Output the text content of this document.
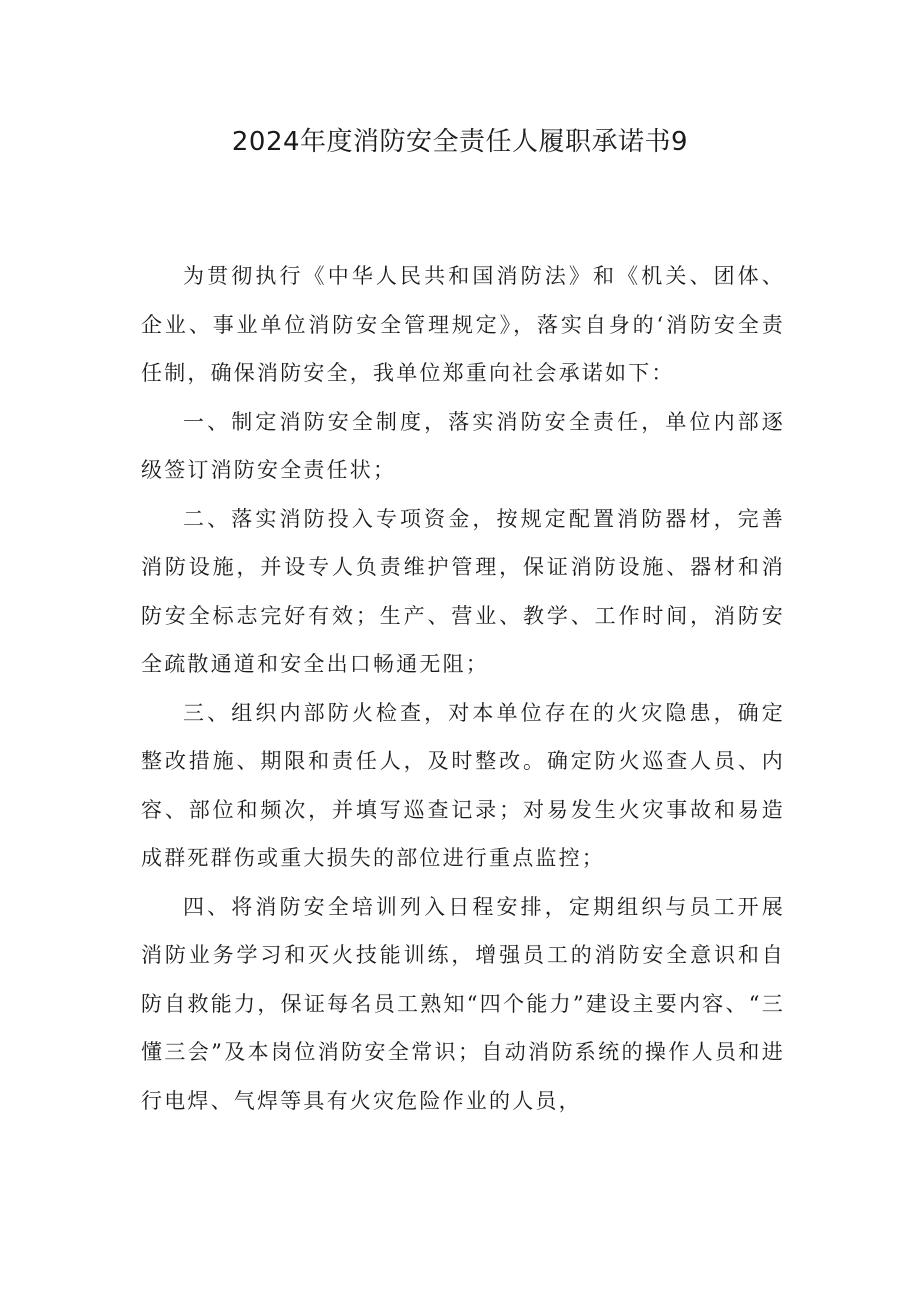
2024年度消防安全责任人履职承诺书9

为贯彻执行《中华人民共和国消防法》和《机关、团体、企业、事业单位消防安全管理规定》，落实自身的‘消防安全责任制，确保消防安全，我单位郑重向社会承诺如下：

一、制定消防安全制度，落实消防安全责任，单位内部逐级签订消防安全责任状；

二、落实消防投入专项资金，按规定配置消防器材，完善消防设施，并设专人负责维护管理，保证消防设施、器材和消防安全标志完好有效；生产、营业、教学、工作时间，消防安全疏散通道和安全出口畅通无阻；

三、组织内部防火检查，对本单位存在的火灾隐患，确定整改措施、期限和责任人，及时整改。确定防火巡查人员、内容、部位和频次，并填写巡查记录；对易发生火灾事故和易造成群死群伤或重大损失的部位进行重点监控；

四、将消防安全培训列入日程安排，定期组织与员工开展消防业务学习和灭火技能训练，增强员工的消防安全意识和自防自救能力，保证每名员工熟知“四个能力”建设主要内容、“三懂三会”及本岗位消防安全常识；自动消防系统的操作人员和进行电焊、气焊等具有火灾危险作业的人员，
